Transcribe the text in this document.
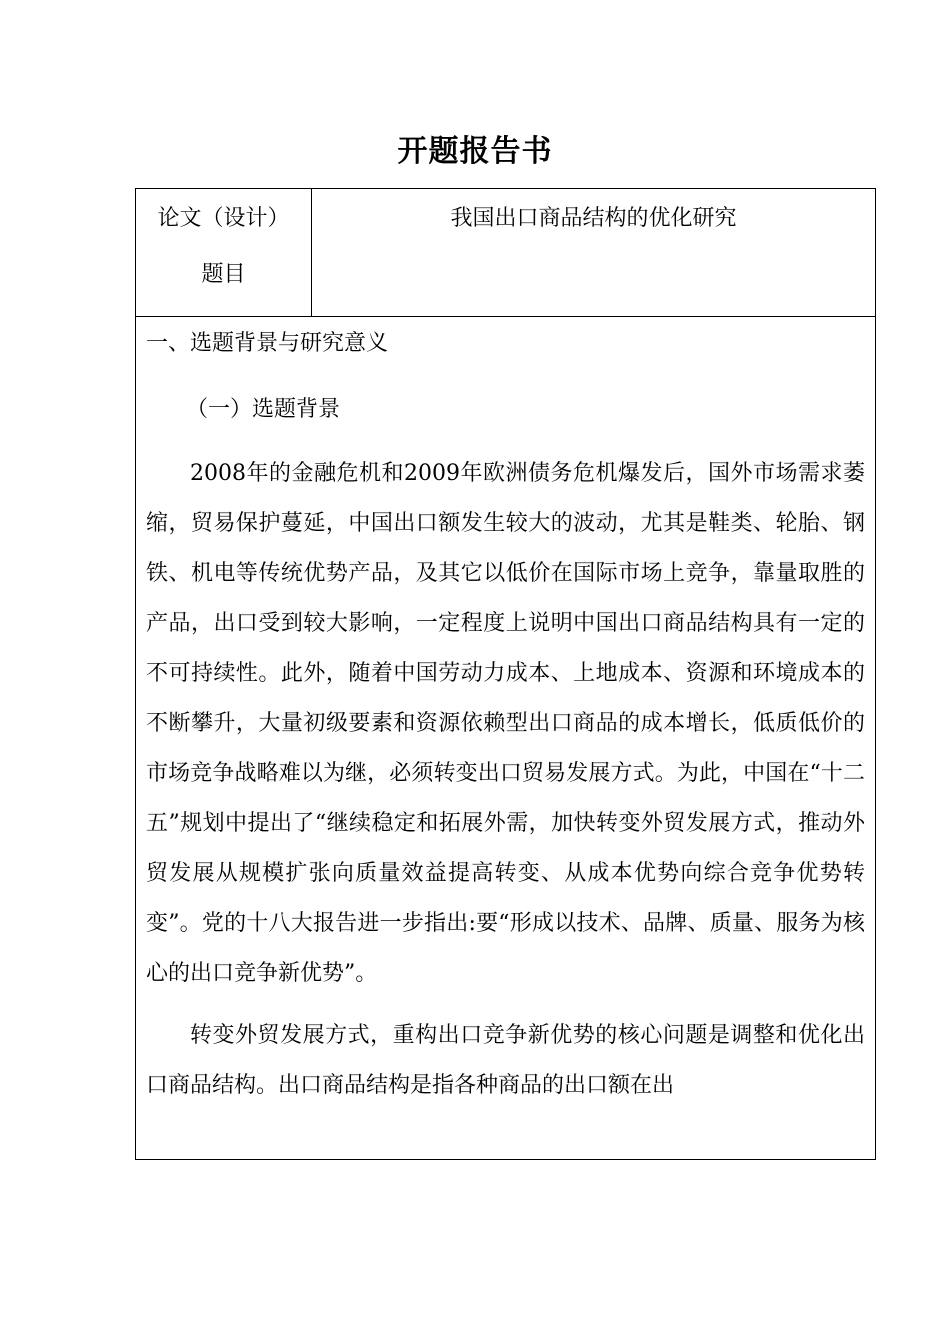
开题报告书
论文（设计）
题目
我国出口商品结构的优化研究

一、选题背景与研究意义

（一）选题背景

2008年的金融危机和2009年欧洲债务危机爆发后，国外市场需求萎缩，贸易保护蔓延，中国出口额发生较大的波动，尤其是鞋类、轮胎、钢铁、机电等传统优势产品，及其它以低价在国际市场上竞争，靠量取胜的产品，出口受到较大影响，一定程度上说明中国出口商品结构具有一定的不可持续性。此外，随着中国劳动力成本、上地成本、资源和环境成本的不断攀升，大量初级要素和资源依赖型出口商品的成本增长，低质低价的市场竞争战略难以为继，必须转变出口贸易发展方式。为此，中国在“十二五”规划中提出了“继续稳定和拓展外需，加快转变外贸发展方式，推动外贸发展从规模扩张向质量效益提高转变、从成本优势向综合竞争优势转变”。党的十八大报告进一步指出:要“形成以技术、品牌、质量、服务为核心的出口竞争新优势”。

转变外贸发展方式，重构出口竞争新优势的核心问题是调整和优化出口商品结构。出口商品结构是指各种商品的出口额在出
